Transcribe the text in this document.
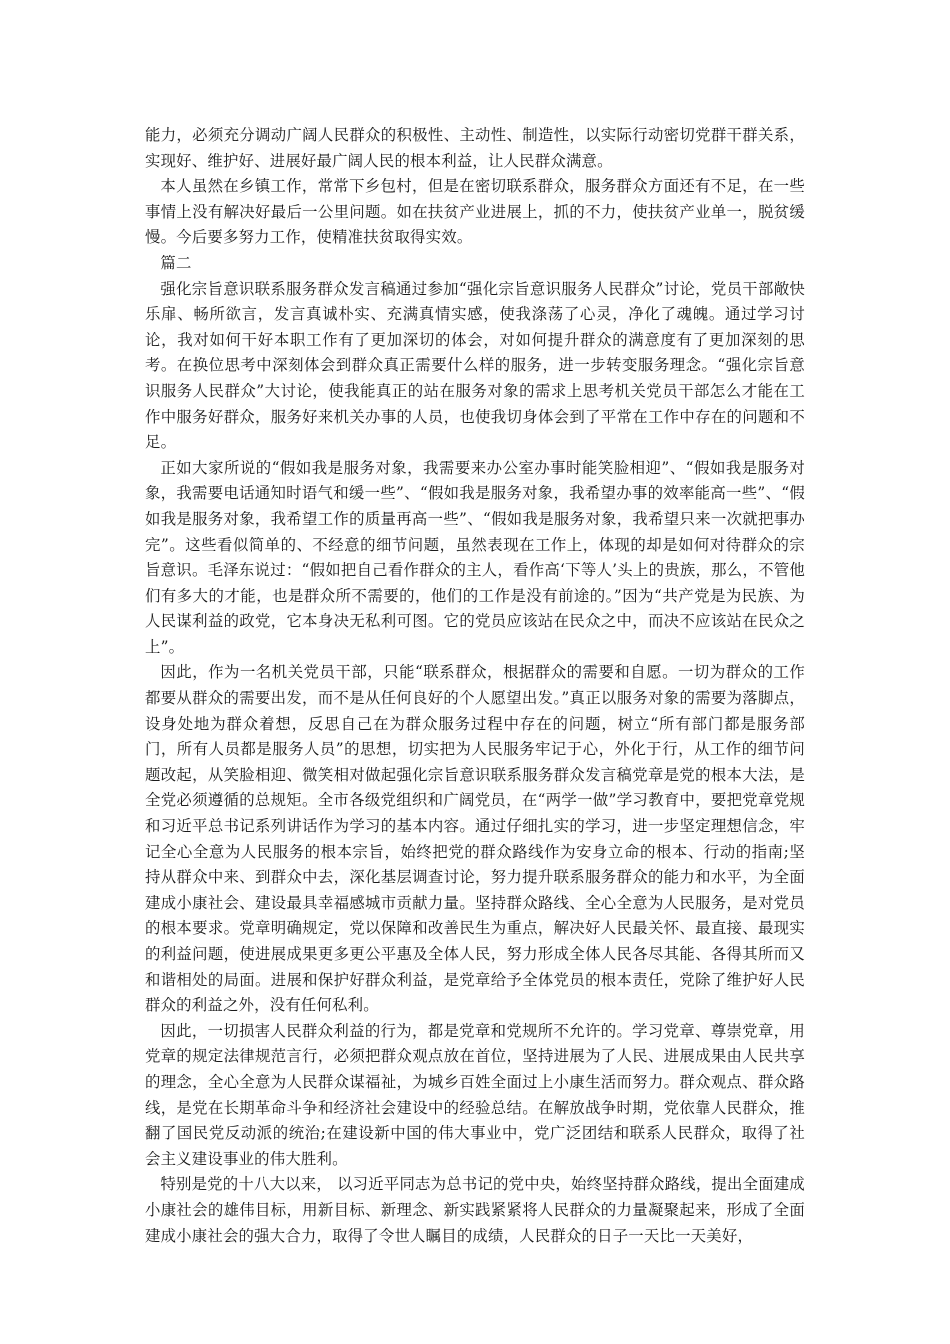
能力，必须充分调动广阔人民群众的积极性、主动性、制造性，以实际行动密切党群干群关系，实现好、维护好、进展好最广阔人民的根本利益，让人民群众满意。

本人虽然在乡镇工作，常常下乡包村，但是在密切联系群众，服务群众方面还有不足，在一些事情上没有解决好最后一公里问题。如在扶贫产业进展上，抓的不力，使扶贫产业单一，脱贫缓慢。今后要多努力工作，使精准扶贫取得实效。

篇二

强化宗旨意识联系服务群众发言稿通过参加“强化宗旨意识服务人民群众”讨论，党员干部敞快乐扉、畅所欲言，发言真诚朴实、充满真情实感，使我涤荡了心灵，净化了魂魄。通过学习讨论，我对如何干好本职工作有了更加深切的体会，对如何提升群众的满意度有了更加深刻的思考。在换位思考中深刻体会到群众真正需要什么样的服务，进一步转变服务理念。“强化宗旨意识服务人民群众”大讨论，使我能真正的站在服务对象的需求上思考机关党员干部怎么才能在工作中服务好群众，服务好来机关办事的人员，也使我切身体会到了平常在工作中存在的问题和不足。

正如大家所说的“假如我是服务对象，我需要来办公室办事时能笑脸相迎”、“假如我是服务对象，我需要电话通知时语气和缓一些”、“假如我是服务对象，我希望办事的效率能高一些”、“假如我是服务对象，我希望工作的质量再高一些”、“假如我是服务对象，我希望只来一次就把事办完”。这些看似简单的、不经意的细节问题，虽然表现在工作上，体现的却是如何对待群众的宗旨意识。毛泽东说过：“假如把自己看作群众的主人，看作高‘下等人’头上的贵族，那么，不管他们有多大的才能，也是群众所不需要的，他们的工作是没有前途的。”因为“共产党是为民族、为人民谋利益的政党，它本身决无私利可图。它的党员应该站在民众之中，而决不应该站在民众之上”。

因此，作为一名机关党员干部，只能“联系群众，根据群众的需要和自愿。一切为群众的工作都要从群众的需要出发，而不是从任何良好的个人愿望出发。”真正以服务对象的需要为落脚点，设身处地为群众着想，反思自己在为群众服务过程中存在的问题，树立“所有部门都是服务部门，所有人员都是服务人员”的思想，切实把为人民服务牢记于心，外化于行，从工作的细节问题改起，从笑脸相迎、微笑相对做起强化宗旨意识联系服务群众发言稿党章是党的根本大法，是全党必须遵循的总规矩。全市各级党组织和广阔党员，在“两学一做”学习教育中，要把党章党规和习近平总书记系列讲话作为学习的基本内容。通过仔细扎实的学习，进一步坚定理想信念，牢记全心全意为人民服务的根本宗旨，始终把党的群众路线作为安身立命的根本、行动的指南;坚持从群众中来、到群众中去，深化基层调查讨论，努力提升联系服务群众的能力和水平，为全面建成小康社会、建设最具幸福感城市贡献力量。坚持群众路线、全心全意为人民服务，是对党员的根本要求。党章明确规定，党以保障和改善民生为重点，解决好人民最关怀、最直接、最现实的利益问题，使进展成果更多更公平惠及全体人民，努力形成全体人民各尽其能、各得其所而又和谐相处的局面。进展和保护好群众利益，是党章给予全体党员的根本责任，党除了维护好人民群众的利益之外，没有任何私利。

因此，一切损害人民群众利益的行为，都是党章和党规所不允许的。学习党章、尊崇党章，用党章的规定法律规范言行，必须把群众观点放在首位，坚持进展为了人民、进展成果由人民共享的理念，全心全意为人民群众谋福祉，为城乡百姓全面过上小康生活而努力。群众观点、群众路线，是党在长期革命斗争和经济社会建设中的经验总结。在解放战争时期，党依靠人民群众，推翻了国民党反动派的统治;在建设新中国的伟大事业中，党广泛团结和联系人民群众，取得了社会主义建设事业的伟大胜利。

特别是党的十八大以来， 以习近平同志为总书记的党中央，始终坚持群众路线，提出全面建成小康社会的雄伟目标，用新目标、新理念、新实践紧紧将人民群众的力量凝聚起来，形成了全面建成小康社会的强大合力，取得了令世人瞩目的成绩，人民群众的日子一天比一天美好，
